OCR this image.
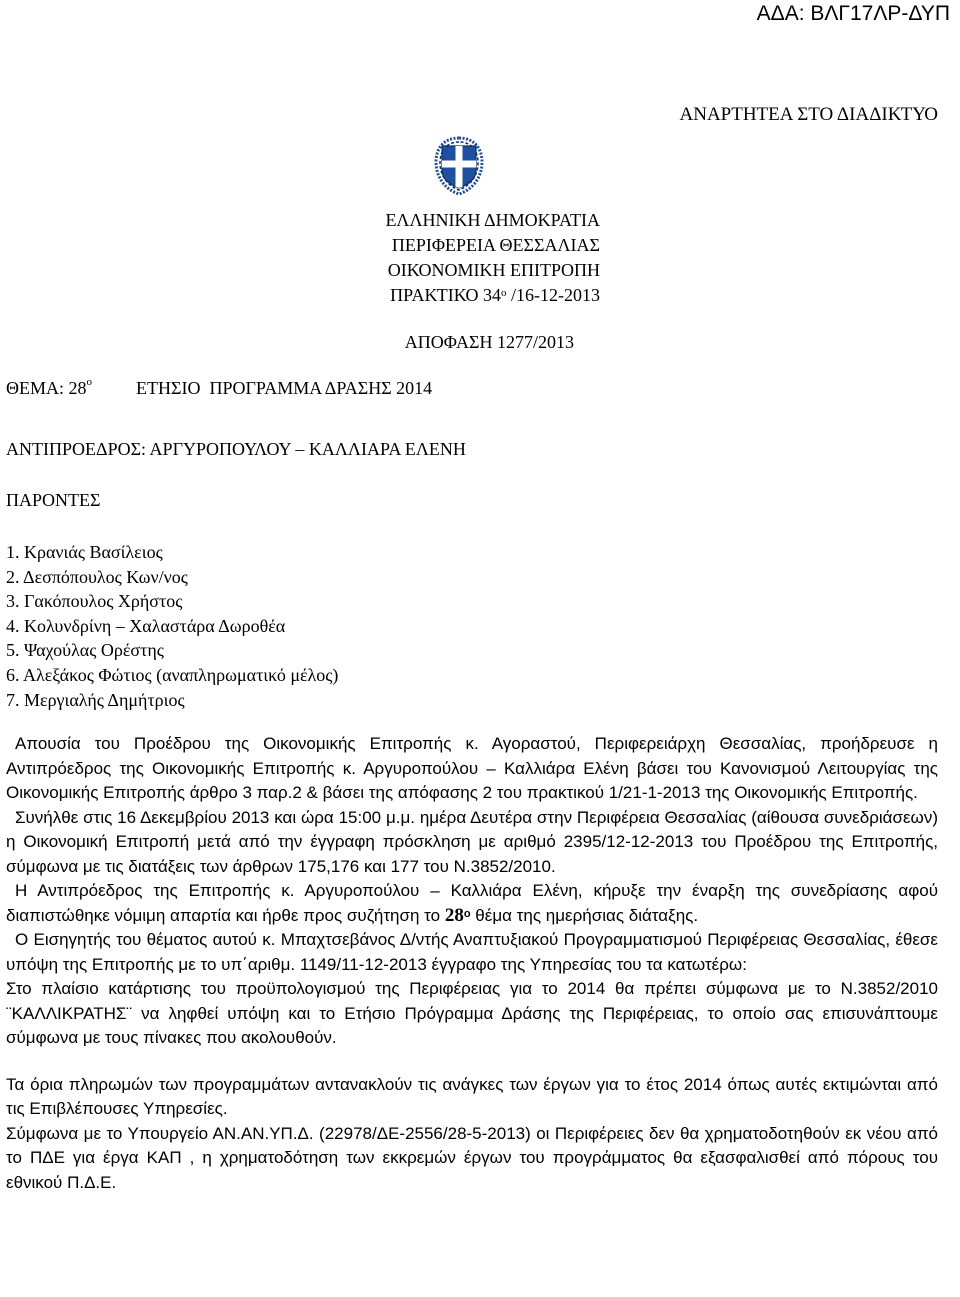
ΑΔΑ: ΒΛΓ17ΛΡ-ΔΥΠ
ΑΝΑΡΤΗΤΕΑ ΣΤΟ ΔΙΑΔΙΚΤΥΟ
ΕΛΛΗΝΙΚΗ ΔΗΜΟΚΡΑΤΙΑ
ΠΕΡΙΦΕΡΕΙΑ ΘΕΣΣΑΛΙΑΣ
ΟΙΚΟΝΟΜΙΚΗ ΕΠΙΤΡΟΠΗ
ΠΡΑΚΤΙΚΟ $34^o$ /16-12-2013
ΑΠΟΦΑΣΗ 1277/2013
ΘΕΜΑ: $28^o$ ΕΤΗΣΙΟ  ΠΡΟΓΡΑΜΜΑ ΔΡΑΣΗΣ 2014
ΑΝΤΙΠΡΟΕΔΡΟΣ: ΑΡΓΥΡΟΠΟΥΛΟΥ – ΚΑΛΛΙΑΡΑ ΕΛΕΝΗ
ΠΑΡΟΝΤΕΣ
1. Κρανιάς Βασίλειος
2. Δεσπόπουλος Κων/νος
3. Γακόπουλος Χρήστος
4. Κολυνδρίνη – Χαλαστάρα Δωροθέα
5. Ψαχούλας Ορέστης
6. Αλεξάκος Φώτιος (αναπληρωματικό μέλος)
7. Μεργιαλής Δημήτριος

Απουσία του Προέδρου της Οικονομικής Επιτροπής κ. Αγοραστού, Περιφερειάρχη Θεσσαλίας, προήδρευσε η Αντιπρόεδρος της Οικονομικής Επιτροπής κ. Αργυροπούλου – Καλλιάρα Ελένη βάσει του Κανονισμού Λειτουργίας της Οικονομικής Επιτροπής άρθρο 3 παρ.2 & βάσει της απόφασης 2 του πρακτικού 1/21-1-2013 της Οικονομικής Επιτροπής.

Συνήλθε στις 16 Δεκεμβρίου 2013 και ώρα 15:00 μ.μ. ημέρα Δευτέρα στην Περιφέρεια Θεσσαλίας (αίθουσα συνεδριάσεων) η Οικονομική Επιτροπή μετά από την έγγραφη πρόσκληση με αριθμό 2395/12-12-2013 του Προέδρου της Επιτροπής, σύμφωνα με τις διατάξεις των άρθρων 175,176 και 177 του Ν.3852/2010.

Η Αντιπρόεδρος της Επιτροπής κ. Αργυροπούλου – Καλλιάρα Ελένη, κήρυξε την έναρξη της συνεδρίασης αφού διαπιστώθηκε νόμιμη απαρτία και ήρθε προς συζήτηση το $28^o$ θέμα της ημερήσιας διάταξης.

Ο Εισηγητής του θέματος αυτού κ. Μπαχτσεβάνος Δ/ντής Αναπτυξιακού Προγραμματισμού Περιφέρειας Θεσσαλίας, έθεσε υπόψη της Επιτροπής με το υπ΄αριθμ. 1149/11-12-2013 έγγραφο της Υπηρεσίας του τα κατωτέρω:

Στο πλαίσιο κατάρτισης του προϋπολογισμού της Περιφέρειας για το 2014 θα πρέπει σύμφωνα με το Ν.3852/2010 ¨ΚΑΛΛΙΚΡΑΤΗΣ¨ να ληφθεί υπόψη και το Ετήσιο Πρόγραμμα Δράσης της Περιφέρειας, το οποίο σας επισυνάπτουμε σύμφωνα με τους πίνακες που ακολουθούν.

Τα όρια πληρωμών των προγραμμάτων αντανακλούν τις ανάγκες των έργων για το έτος 2014 όπως αυτές εκτιμώνται από τις Επιβλέπουσες Υπηρεσίες.

Σύμφωνα με το Υπουργείο ΑΝ.ΑΝ.ΥΠ.Δ. (22978/ΔΕ-2556/28-5-2013) οι Περιφέρειες δεν θα χρηματοδοτηθούν εκ νέου από το ΠΔΕ για έργα ΚΑΠ , η χρηματοδότηση των εκκρεμών έργων του προγράμματος θα εξασφαλισθεί από πόρους του εθνικού Π.Δ.Ε.
